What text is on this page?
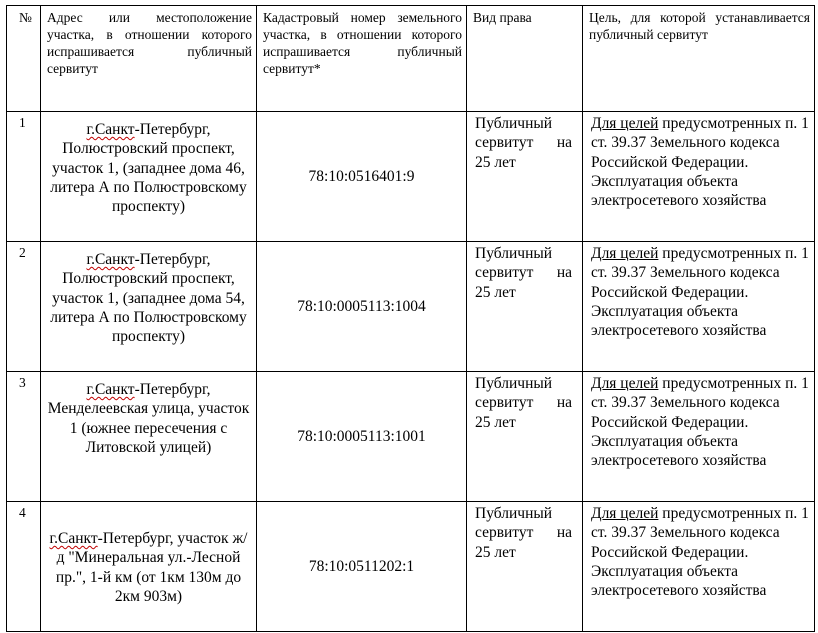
№	Адрес или местоположение участка, в отношении которого испрашивается публичный сервитут	Кадастровый номер земельного участка, в отношении которого испрашивается публичный сервитут*	Вид права	Цель, для которой устанавливается публичный сервитут
1	г.Санкт-Петербург, Полюстровский проспект, участок 1, (западнее дома 46, литера А по Полюстровскому проспекту)	78:10:0516401:9	Публичный
сервитут на
25 лет	Для целей предусмотренных п. 1 ст. 39.37 Земельного кодекса Российской Федерации. Эксплуатация объекта электросетевого хозяйства
2	г.Санкт-Петербург, Полюстровский проспект, участок 1, (западнее дома 54, литера А по Полюстровскому проспекту)	78:10:0005113:1004	Публичный
сервитут на
25 лет	Для целей предусмотренных п. 1 ст. 39.37 Земельного кодекса Российской Федерации. Эксплуатация объекта электросетевого хозяйства
3	г.Санкт-Петербург, Менделеевская улица, участок 1 (южнее пересечения с Литовской улицей)	78:10:0005113:1001	Публичный
сервитут на
25 лет	Для целей предусмотренных п. 1 ст. 39.37 Земельного кодекса Российской Федерации. Эксплуатация объекта электросетевого хозяйства
4	г.Санкт-Петербург, участок ж/д "Минеральная ул.-Лесной пр.", 1-й км (от 1км 130м до 2км 903м)	78:10:0511202:1	Публичный
сервитут на
25 лет	Для целей предусмотренных п. 1 ст. 39.37 Земельного кодекса Российской Федерации. Эксплуатация объекта электросетевого хозяйства
